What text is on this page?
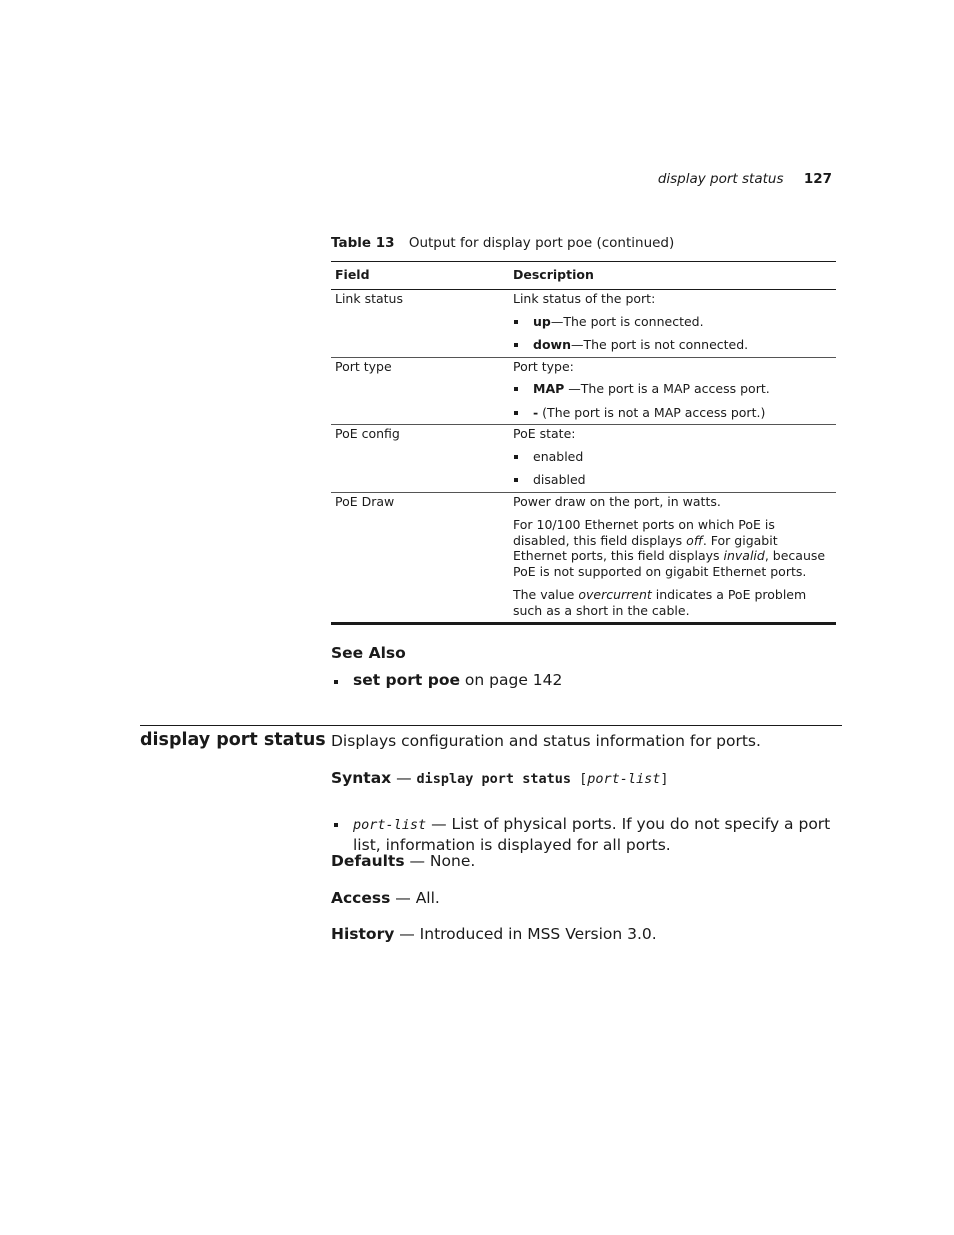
display port status 127
Table 13 Output for display port poe (continued)
Field	Description
Link status	Link status of the port:
up—The port is connected.
down—The port is not connected.

Port type	Port type:
MAP —The port is a MAP access port.
- (The port is not a MAP access port.)

PoE config	PoE state:
enabled
disabled

PoE Draw	Power draw on the port, in watts.
For 10/100 Ethernet ports on which PoE is disabled, this field displays off. For gigabit Ethernet ports, this field displays invalid, because PoE is not supported on gigabit Ethernet ports.
The value overcurrent indicates a PoE problem such as a short in the cable.
See Also
set port poe on page 142
display port status Displays configuration and status information for ports.
Syntax — display port status [port-list]
port-list — List of physical ports. If you do not specify a port list, information is displayed for all ports.
Defaults — None.
Access — All.
History — Introduced in MSS Version 3.0.
